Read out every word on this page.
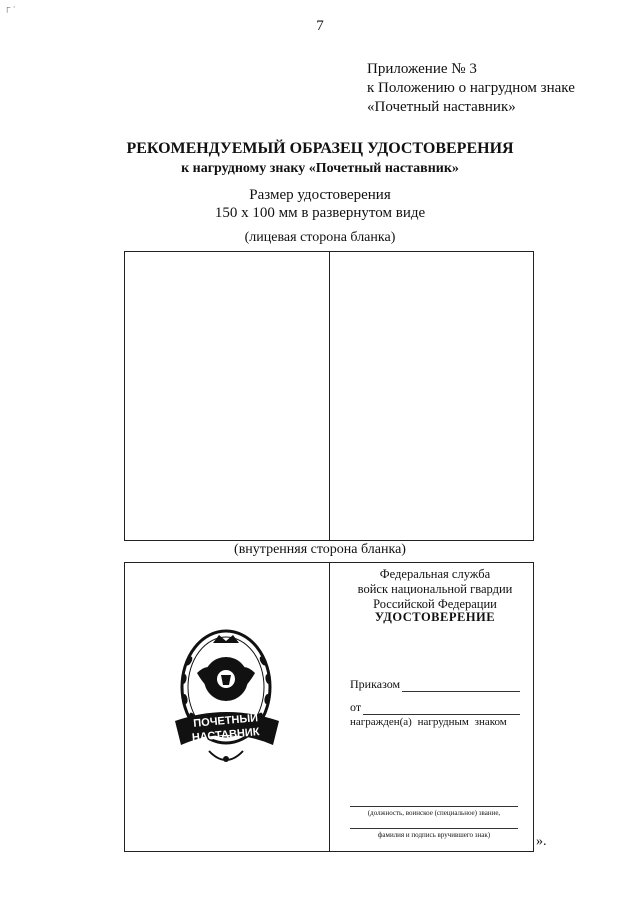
┌ ·
7
Приложение № 3
к Положению о нагрудном знаке
«Почетный наставник»
РЕКОМЕНДУЕМЫЙ ОБРАЗЕЦ УДОСТОВЕРЕНИЯ
к нагрудному знаку «Почетный наставник»
Размер удостоверения
150 х 100 мм в развернутом виде
(лицевая сторона бланка)
(внутренняя сторона бланка)
ПОЧЕТНЫЙ
НАСТАВНИК
Федеральная служба
войск национальной гвардии
Российской Федерации
УДОСТОВЕРЕНИЕ
Приказом
от
награжден(а) нагрудным знаком
(должность, воинское (специальное) звание,
фамилия и подпись вручившего знак)	».
